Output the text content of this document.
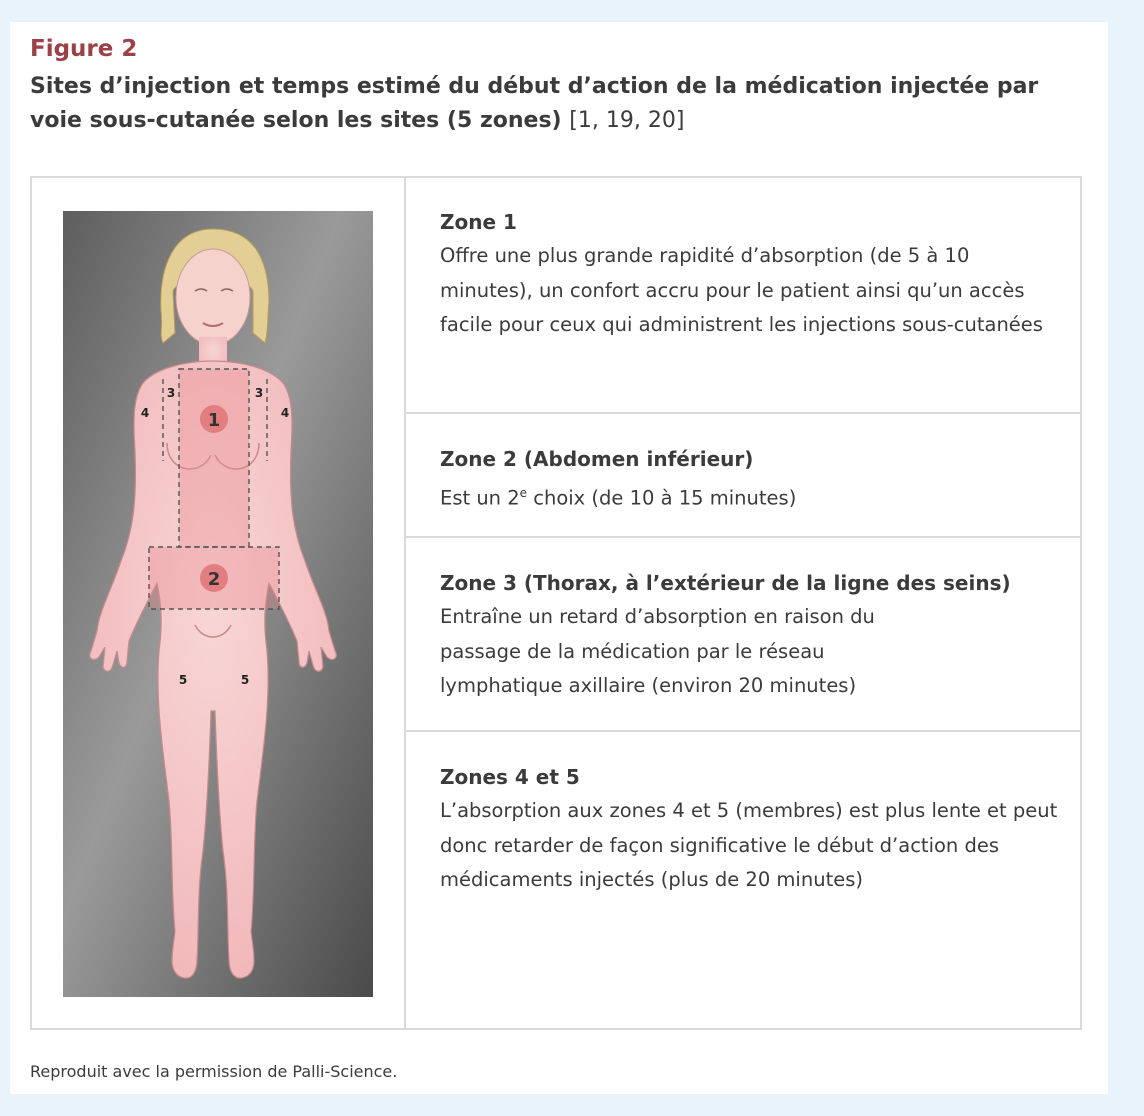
Figure 2

Sites d’injection et temps estimé du début d’action de la médication injectée par voie sous-cutanée selon les sites (5 zones) [1, 19, 20]

1
2
3	3
4	4
5	5
Zone 1

Offre une plus grande rapidité d’absorption (de 5 à 10 minutes), un confort accru pour le patient ainsi qu’un accès facile pour ceux qui administrent les injections sous-cutanées

Zone 2 (Abdomen inférieur)

Est un 2e choix (de 10 à 15 minutes)

Zone 3 (Thorax, à l’extérieur de la ligne des seins)

Entraîne un retard d’absorption en raison du passage de la médication par le réseau lymphatique axillaire (environ 20 minutes)

Zones 4 et 5

L’absorption aux zones 4 et 5 (membres) est plus lente et peut donc retarder de façon significative le début d’action des médicaments injectés (plus de 20 minutes)

Reproduit avec la permission de Palli-Science.
